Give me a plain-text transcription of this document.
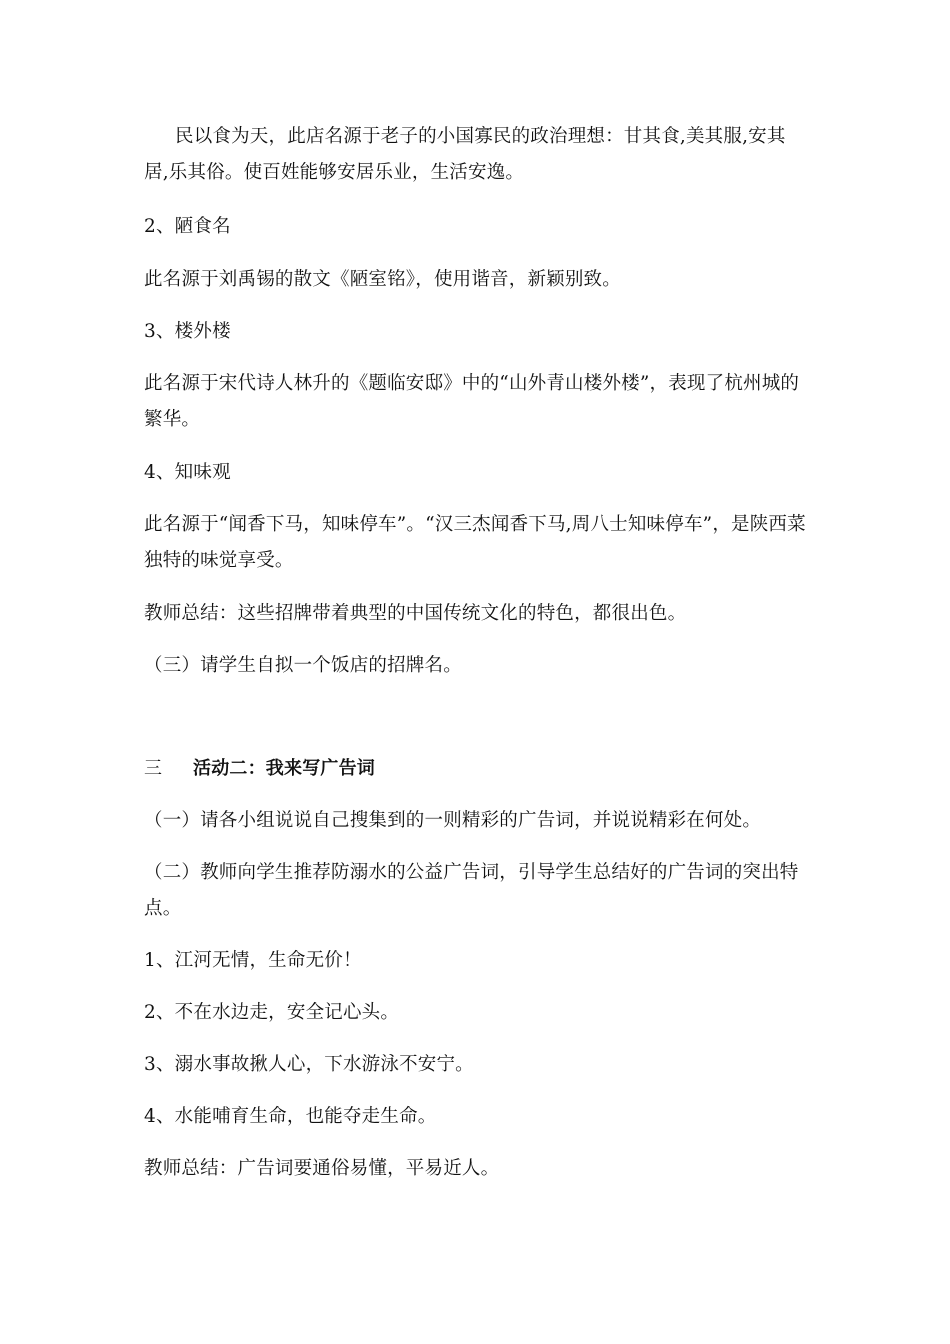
民以食为天，此店名源于老子的小国寡民的政治理想：甘其食,美其服,安其居,乐其俗。使百姓能够安居乐业，生活安逸。
2、陋食名
此名源于刘禹锡的散文《陋室铭》，使用谐音，新颖别致。
3、楼外楼
此名源于宋代诗人林升的《题临安邸》中的“山外青山楼外楼”，表现了杭州城的繁华。
4、知味观
此名源于“闻香下马，知味停车”。“汉三杰闻香下马,周八士知味停车”，是陕西菜独特的味觉享受。
教师总结：这些招牌带着典型的中国传统文化的特色，都很出色。
（三）请学生自拟一个饭店的招牌名。
三 活动二：我来写广告词
（一）请各小组说说自己搜集到的一则精彩的广告词，并说说精彩在何处。
（二）教师向学生推荐防溺水的公益广告词，引导学生总结好的广告词的突出特点。
1、江河无情，生命无价！
2、不在水边走，安全记心头。
3、溺水事故揪人心，下水游泳不安宁。
4、水能哺育生命，也能夺走生命。
教师总结：广告词要通俗易懂，平易近人。
